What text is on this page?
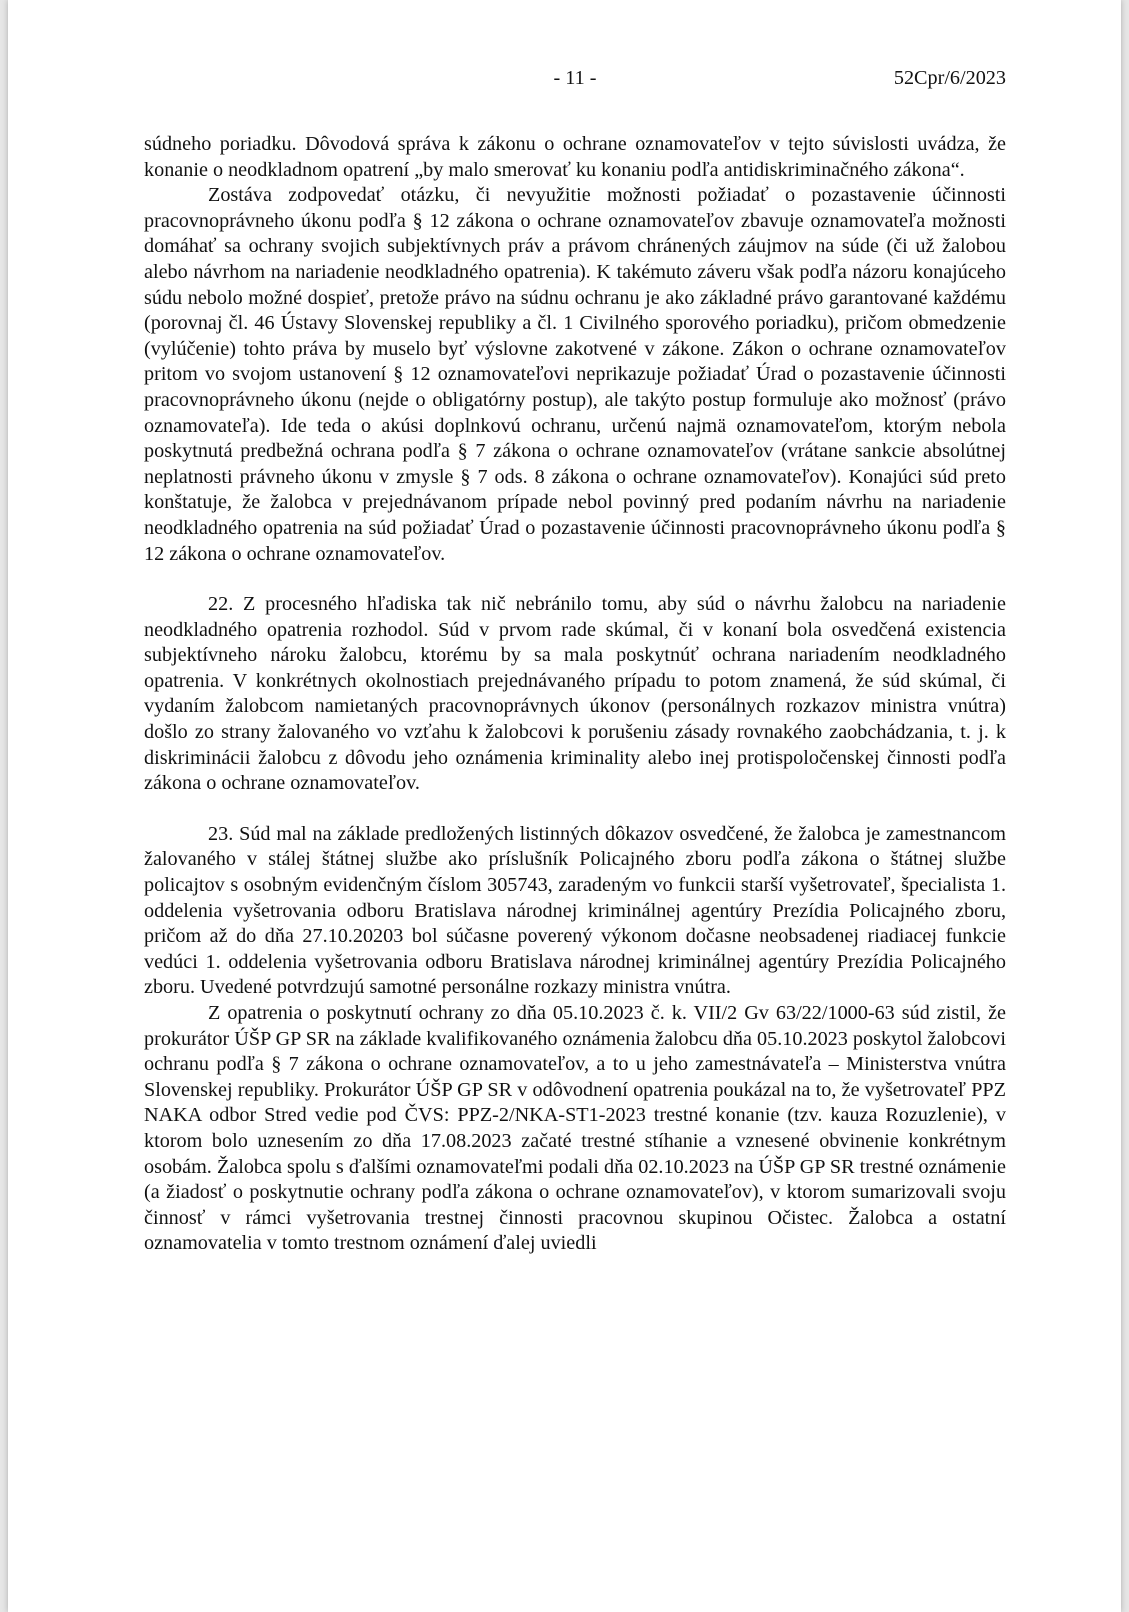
- 11 -	52Cpr/6/2023

súdneho poriadku. Dôvodová správa k zákonu o ochrane oznamovateľov v tejto súvislosti uvádza, že konanie o neodkladnom opatrení „by malo smerovať ku konaniu podľa antidiskriminačného zákona“.

Zostáva zodpovedať otázku, či nevyužitie možnosti požiadať o pozastavenie účinnosti pracovnoprávneho úkonu podľa § 12 zákona o ochrane oznamovateľov zbavuje oznamovateľa možnosti domáhať sa ochrany svojich subjektívnych práv a právom chránených záujmov na súde (či už žalobou alebo návrhom na nariadenie neodkladného opatrenia). K takémuto záveru však podľa názoru konajúceho súdu nebolo možné dospieť, pretože právo na súdnu ochranu je ako základné právo garantované každému (porovnaj čl. 46 Ústavy Slovenskej republiky a čl. 1 Civilného sporového poriadku), pričom obmedzenie (vylúčenie) tohto práva by muselo byť výslovne zakotvené v zákone. Zákon o ochrane oznamovateľov pritom vo svojom ustanovení § 12 oznamovateľovi neprikazuje požiadať Úrad o pozastavenie účinnosti pracovnoprávneho úkonu (nejde o obligatórny postup), ale takýto postup formuluje ako možnosť (právo oznamovateľa). Ide teda o akúsi doplnkovú ochranu, určenú najmä oznamovateľom, ktorým nebola poskytnutá predbežná ochrana podľa § 7 zákona o ochrane oznamovateľov (vrátane sankcie absolútnej neplatnosti právneho úkonu v zmysle § 7 ods. 8 zákona o ochrane oznamovateľov). Konajúci súd preto konštatuje, že žalobca v prejednávanom prípade nebol povinný pred podaním návrhu na nariadenie neodkladného opatrenia na súd požiadať Úrad o pozastavenie účinnosti pracovnoprávneho úkonu podľa § 12 zákona o ochrane oznamovateľov.

22. Z procesného hľadiska tak nič nebránilo tomu, aby súd o návrhu žalobcu na nariadenie neodkladného opatrenia rozhodol. Súd v prvom rade skúmal, či v konaní bola osvedčená existencia subjektívneho nároku žalobcu, ktorému by sa mala poskytnúť ochrana nariadením neodkladného opatrenia. V konkrétnych okolnostiach prejednávaného prípadu to potom znamená, že súd skúmal, či vydaním žalobcom namietaných pracovnoprávnych úkonov (personálnych rozkazov ministra vnútra) došlo zo strany žalovaného vo vzťahu k žalobcovi k porušeniu zásady rovnakého zaobchádzania, t. j. k diskriminácii žalobcu z dôvodu jeho oznámenia kriminality alebo inej protispoločenskej činnosti podľa zákona o ochrane oznamovateľov.

23. Súd mal na základe predložených listinných dôkazov osvedčené, že žalobca je zamestnancom žalovaného v stálej štátnej službe ako príslušník Policajného zboru podľa zákona o štátnej službe policajtov s osobným evidenčným číslom 305743, zaradeným vo funkcii starší vyšetrovateľ, špecialista 1. oddelenia vyšetrovania odboru Bratislava národnej kriminálnej agentúry Prezídia Policajného zboru, pričom až do dňa 27.10.20203 bol súčasne poverený výkonom dočasne neobsadenej riadiacej funkcie vedúci 1. oddelenia vyšetrovania odboru Bratislava národnej kriminálnej agentúry Prezídia Policajného zboru. Uvedené potvrdzujú samotné personálne rozkazy ministra vnútra.

Z opatrenia o poskytnutí ochrany zo dňa 05.10.2023 č. k. VII/2 Gv 63/22/1000-63 súd zistil, že prokurátor ÚŠP GP SR na základe kvalifikovaného oznámenia žalobcu dňa 05.10.2023 poskytol žalobcovi ochranu podľa § 7 zákona o ochrane oznamovateľov, a to u jeho zamestnávateľa – Ministerstva vnútra Slovenskej republiky. Prokurátor ÚŠP GP SR v odôvodnení opatrenia poukázal na to, že vyšetrovateľ PPZ NAKA odbor Stred vedie pod ČVS: PPZ-2/NKA-ST1-2023 trestné konanie (tzv. kauza Rozuzlenie), v ktorom bolo uznesením zo dňa 17.08.2023 začaté trestné stíhanie a vznesené obvinenie konkrétnym osobám. Žalobca spolu s ďalšími oznamovateľmi podali dňa 02.10.2023 na ÚŠP GP SR trestné oznámenie (a žiadosť o poskytnutie ochrany podľa zákona o ochrane oznamovateľov), v ktorom sumarizovali svoju činnosť v rámci vyšetrovania trestnej činnosti pracovnou skupinou Očistec. Žalobca a ostatní oznamovatelia v tomto trestnom oznámení ďalej uviedli
